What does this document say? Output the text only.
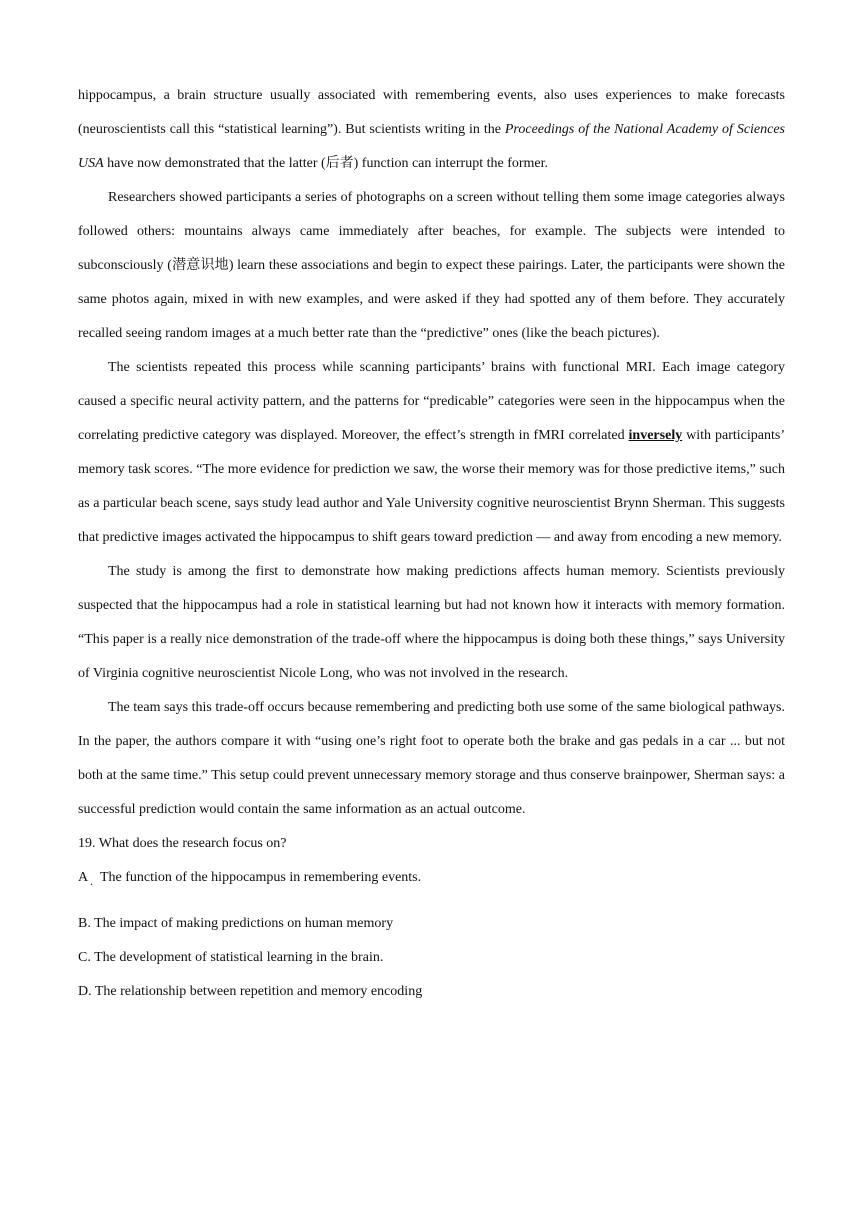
hippocampus, a brain structure usually associated with remembering events, also uses experiences to make forecasts (neuroscientists call this “statistical learning”). But scientists writing in the Proceedings of the National Academy of Sciences USA have now demonstrated that the latter (后者) function can interrupt the former.

Researchers showed participants a series of photographs on a screen without telling them some image categories always followed others: mountains always came immediately after beaches, for example. The subjects were intended to subconsciously (潜意识地) learn these associations and begin to expect these pairings. Later, the participants were shown the same photos again, mixed in with new examples, and were asked if they had spotted any of them before. They accurately recalled seeing random images at a much better rate than the “predictive” ones (like the beach pictures).

The scientists repeated this process while scanning participants’ brains with functional MRI. Each image category caused a specific neural activity pattern, and the patterns for “predicable” categories were seen in the hippocampus when the correlating predictive category was displayed. Moreover, the effect’s strength in fMRI correlated inversely with participants’ memory task scores. “The more evidence for prediction we saw, the worse their memory was for those predictive items,” such as a particular beach scene, says study lead author and Yale University cognitive neuroscientist Brynn Sherman. This suggests that predictive images activated the hippocampus to shift gears toward prediction — and away from encoding a new memory.

The study is among the first to demonstrate how making predictions affects human memory. Scientists previously suspected that the hippocampus had a role in statistical learning but had not known how it interacts with memory formation. “This paper is a really nice demonstration of the trade-off where the hippocampus is doing both these things,” says University of Virginia cognitive neuroscientist Nicole Long, who was not involved in the research.

The team says this trade-off occurs because remembering and predicting both use some of the same biological pathways. In the paper, the authors compare it with “using one’s right foot to operate both the brake and gas pedals in a car ... but not both at the same time.” This setup could prevent unnecessary memory storage and thus conserve brainpower, Sherman says: a successful prediction would contain the same information as an actual outcome.

19. What does the research focus on?

A The function of the hippocampus in remembering events.
.

B. The impact of making predictions on human memory

C. The development of statistical learning in the brain.

D. The relationship between repetition and memory encoding
